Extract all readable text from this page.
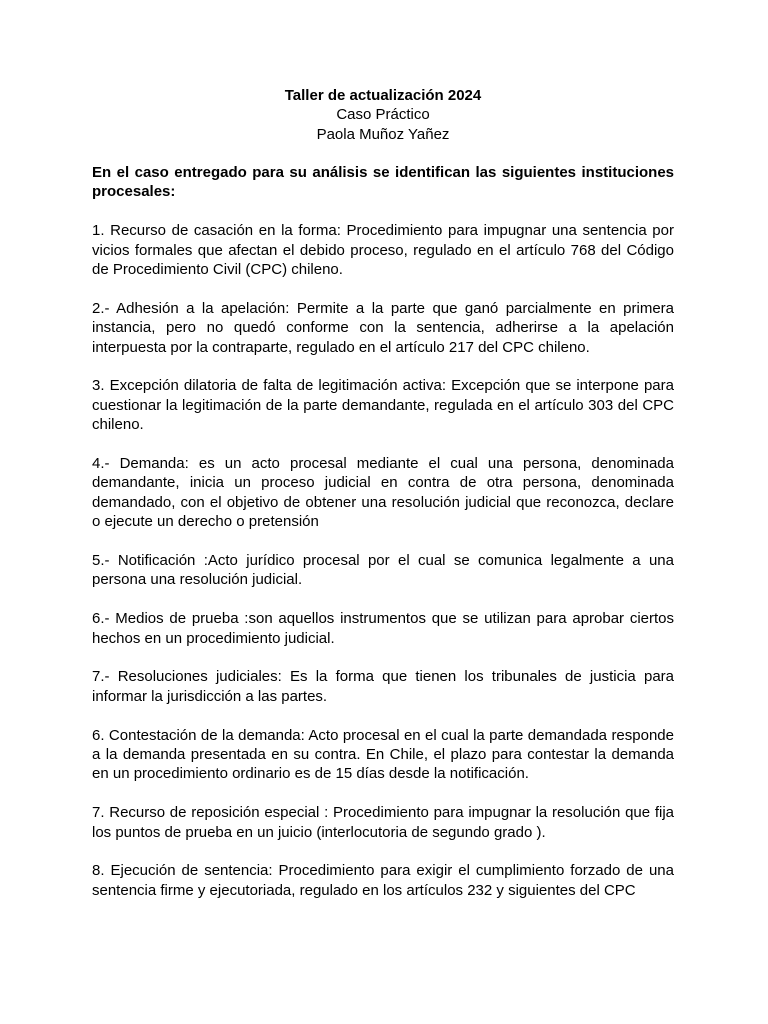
Taller de actualización 2024
Caso Práctico
Paola Muñoz Yañez

En el caso entregado para su análisis se identifican las siguientes instituciones procesales:

1. Recurso de casación en la forma: Procedimiento para impugnar una sentencia por vicios formales que afectan el debido proceso, regulado en el artículo 768 del Código de Procedimiento Civil (CPC) chileno.

2.- Adhesión a la apelación: Permite a la parte que ganó parcialmente en primera instancia, pero no quedó conforme con la sentencia, adherirse a la apelación interpuesta por la contraparte, regulado en el artículo 217 del CPC chileno.

3. Excepción dilatoria de falta de legitimación activa: Excepción que se interpone para cuestionar la legitimación de la parte demandante, regulada en el artículo 303 del CPC chileno.

4.- Demanda: es un acto procesal mediante el cual una persona, denominada demandante, inicia un proceso judicial en contra de otra persona, denominada demandado, con el objetivo de obtener una resolución judicial que reconozca, declare o ejecute un derecho o pretensión

5.- Notificación :Acto jurídico procesal por el cual se comunica legalmente a una persona una resolución judicial.

6.- Medios de prueba :son aquellos instrumentos que se utilizan para aprobar ciertos hechos en un procedimiento judicial.

7.- Resoluciones judiciales: Es la forma que tienen los tribunales de justicia para informar la jurisdicción a las partes.

6. Contestación de la demanda: Acto procesal en el cual la parte demandada responde a la demanda presentada en su contra. En Chile, el plazo para contestar la demanda en un procedimiento ordinario es de 15 días desde la notificación.

7. Recurso de reposición especial : Procedimiento para impugnar la resolución que fija los puntos de prueba en un juicio (interlocutoria de segundo grado ).

8. Ejecución de sentencia: Procedimiento para exigir el cumplimiento forzado de una sentencia firme y ejecutoriada, regulado en los artículos 232 y siguientes del CPC
